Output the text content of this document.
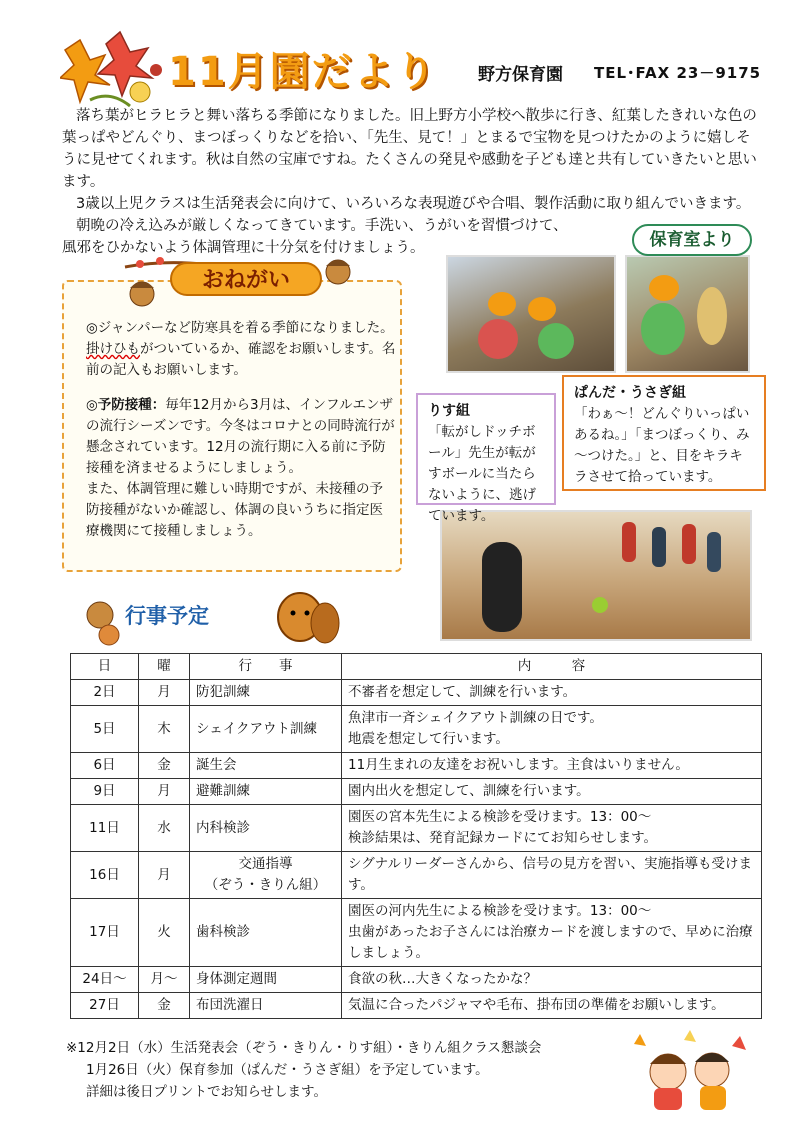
11月園だより 野方保育園 TEL･FAX 23－9175

落ち葉がヒラヒラと舞い落ちる季節になりました。旧上野方小学校へ散歩に行き、紅葉したきれいな色の葉っぱやどんぐり、まつぼっくりなどを拾い、「先生、見て！」とまるで宝物を見つけたかのように嬉しそうに見せてくれます。秋は自然の宝庫ですね。たくさんの発見や感動を子ども達と共有していきたいと思います。

3歳以上児クラスは生活発表会に向けて、いろいろな表現遊びや合唱、製作活動に取り組んでいきます。

朝晩の冷え込みが厳しくなってきています。手洗い、うがいを習慣づけて、

風邪をひかないよう体調管理に十分気を付けましょう。

おねがい

◎ジャンパーなど防寒具を着る季節になりました。掛けひもがついているか、確認をお願いします。名前の記入もお願いします。

◎予防接種：毎年12月から3月は、インフルエンザの流行シーズンです。今冬はコロナとの同時流行が懸念されています。12月の流行期に入る前に予防接種を済ませるようにしましょう。

また、体調管理に難しい時期ですが、未接種の予防接種がないか確認し、体調の良いうちに指定医療機関にて接種しましょう。

保育室より
ぱんだ・うさぎ組
「わぁ～！どんぐりいっぱいあるね。」「まつぼっくり、み～つけた。」と、目をキラキラさせて拾っています。
りす組
「転がしドッチボール」先生が転がすボールに当たらないように、逃げています。
行事予定
日	曜	行　　事	内　　　容
2日	月	防犯訓練	不審者を想定して、訓練を行います。
5日	木	シェイクアウト訓練	魚津市一斉シェイクアウト訓練の日です。
地震を想定して行います。
6日	金	誕生会	11月生まれの友達をお祝いします。主食はいりません。
9日	月	避難訓練	園内出火を想定して、訓練を行います。
11日	水	内科検診	園医の宮本先生による検診を受けます。13：00～
検診結果は、発育記録カードにてお知らせします。
16日	月	交通指導
（ぞう・きりん組）	シグナルリーダーさんから、信号の見方を習い、実施指導も受けます。
17日	火	歯科検診	園医の河内先生による検診を受けます。13：00～
虫歯があったお子さんには治療カードを渡しますので、早めに治療しましょう。
24日～	月～	身体測定週間	食欲の秋…大きくなったかな？
27日	金	布団洗濯日	気温に合ったパジャマや毛布、掛布団の準備をお願いします。
※12月2日（水）生活発表会（ぞう・きりん・りす組）・きりん組クラス懇談会
1月26日（火）保育参加（ぱんだ・うさぎ組）を予定しています。
詳細は後日プリントでお知らせします。
